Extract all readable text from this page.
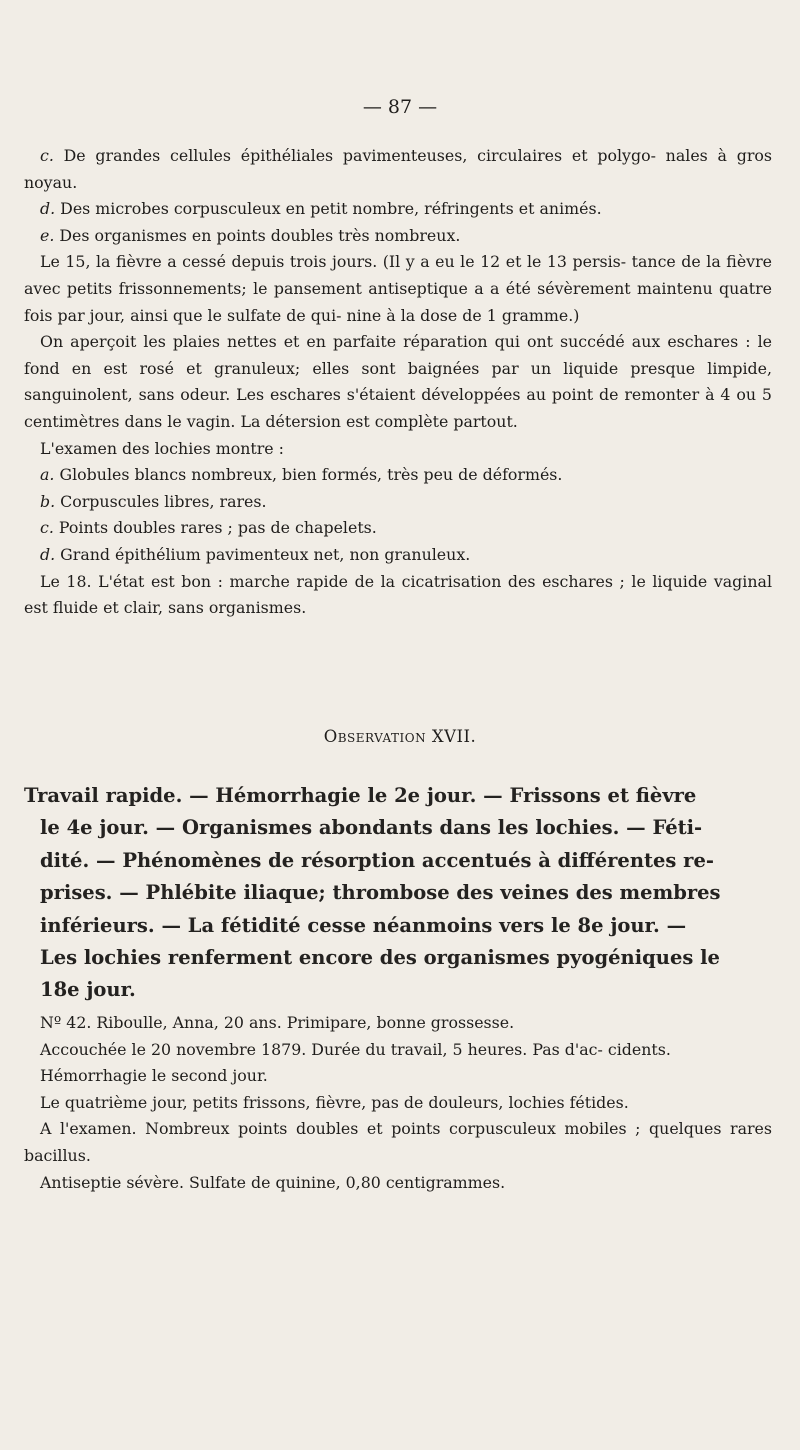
— 87 —

c. De grandes cellules épithéliales pavimenteuses, circulaires et polygo- nales à gros noyau.

d. Des microbes corpusculeux en petit nombre, réfringents et animés.

e. Des organismes en points doubles très nombreux.

Le 15, la fièvre a cessé depuis trois jours. (Il y a eu le 12 et le 13 persis- tance de la fièvre avec petits frissonnements; le pansement antiseptique a a été sévèrement maintenu quatre fois par jour, ainsi que le sulfate de qui- nine à la dose de 1 gramme.)

On aperçoit les plaies nettes et en parfaite réparation qui ont succédé aux eschares : le fond en est rosé et granuleux; elles sont baignées par un liquide presque limpide, sanguinolent, sans odeur. Les eschares s'étaient développées au point de remonter à 4 ou 5 centimètres dans le vagin. La détersion est complète partout.

L'examen des lochies montre :

a. Globules blancs nombreux, bien formés, très peu de déformés.

b. Corpuscules libres, rares.

c. Points doubles rares ; pas de chapelets.

d. Grand épithélium pavimenteux net, non granuleux.

Le 18. L'état est bon : marche rapide de la cicatrisation des eschares ; le liquide vaginal est fluide et clair, sans organismes.

Observation XVII.
Travail rapide. — Hémorrhagie le 2e jour. — Frissons et fièvre
le 4e jour. — Organismes abondants dans les lochies. — Féti-
dité. — Phénomènes de résorption accentués à différentes re-
prises. — Phlébite iliaque; thrombose des veines des membres
inférieurs. — La fétidité cesse néanmoins vers le 8e jour. —
Les lochies renferment encore des organismes pyogéniques le
18e jour.

Nº 42. Riboulle, Anna, 20 ans. Primipare, bonne grossesse.

Accouchée le 20 novembre 1879. Durée du travail, 5 heures. Pas d'ac- cidents.

Hémorrhagie le second jour.

Le quatrième jour, petits frissons, fièvre, pas de douleurs, lochies fétides.

A l'examen. Nombreux points doubles et points corpusculeux mobiles ; quelques rares bacillus.

Antiseptie sévère. Sulfate de quinine, 0,80 centigrammes.
